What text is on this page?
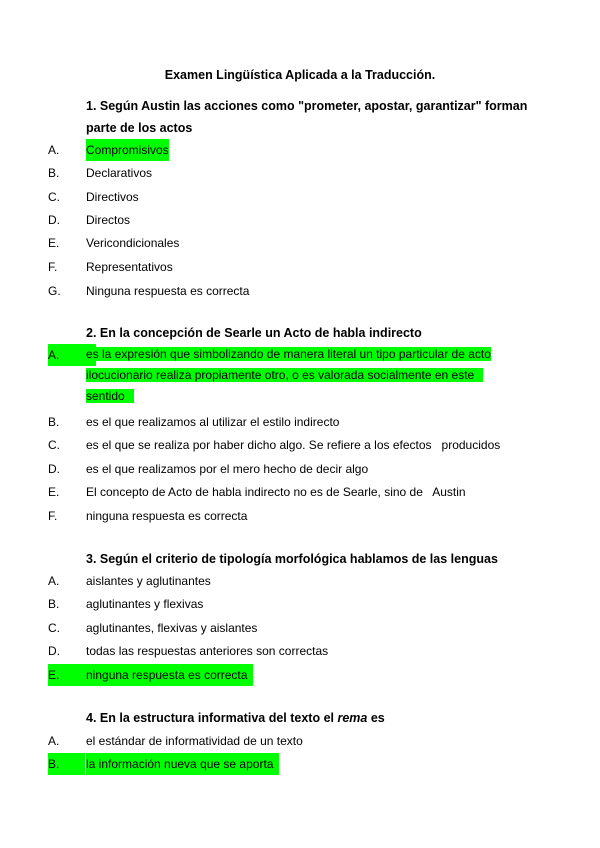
Examen Lingüística Aplicada a la Traducción.
1. Según Austin las acciones como "prometer, apostar, garantizar" forman
parte de los actos
A. Compromisivos
B. Declarativos
C. Directivos
D. Directos
E. Vericondicionales
F. Representativos
G. Ninguna respuesta es correcta
2. En la concepción de Searle un Acto de habla indirecto
A.	es la expresión que simbolizando de manera literal un tipo particular de acto
ilocucionario realiza propiamente otro, o es valorada socialmente en este
sentido
B. es el que realizamos al utilizar el estilo indirecto
C. es el que se realiza por haber dicho algo. Se refiere a los efectos   producidos
D. es el que realizamos por el mero hecho de decir algo
E. El concepto de Acto de habla indirecto no es de Searle, sino de   Austin
F. ninguna respuesta es correcta
3. Según el criterio de tipología morfológica hablamos de las lenguas
A. aislantes y aglutinantes
B. aglutinantes y flexivas
C. aglutinantes, flexivas y aislantes
D. todas las respuestas anteriores son correctas
E.	ninguna respuesta es correcta
4. En la estructura informativa del texto el rema es
A. el estándar de informatividad de un texto
B.	la información nueva que se aporta
